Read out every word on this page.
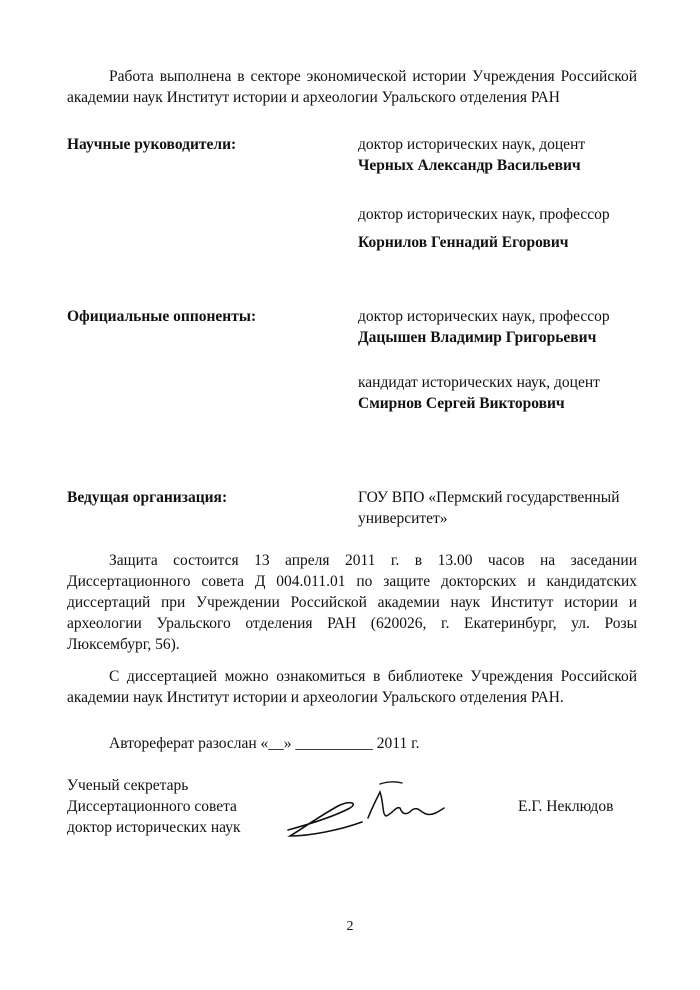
Работа выполнена в секторе экономической истории Учреждения Российской академии наук Институт истории и археологии Уральского отделения РАН

Научные руководители:	доктор исторических наук, доцент
Черных Александр Васильевич
доктор исторических наук, профессор
Корнилов Геннадий Егорович
Официальные оппоненты:	доктор исторических наук, профессор
Дацышен Владимир Григорьевич
кандидат исторических наук, доцент
Смирнов Сергей Викторович
Ведущая организация:	ГОУ ВПО «Пермский государственный
университет»

Защита состоится 13 апреля 2011 г. в 13.00 часов на заседании Диссертационного совета Д 004.011.01 по защите докторских и кандидатских диссертаций при Учреждении Российской академии наук Институт истории и археологии Уральского отделения РАН (620026, г. Екатеринбург, ул. Розы Люксембург, 56).

С диссертацией можно ознакомиться в библиотеке Учреждения Российской академии наук Институт истории и археологии Уральского отделения РАН.

Автореферат разослан «__» __________ 2011 г.

Ученый секретарь
Диссертационного совета
доктор исторических наук
Е.Г. Неклюдов
2
